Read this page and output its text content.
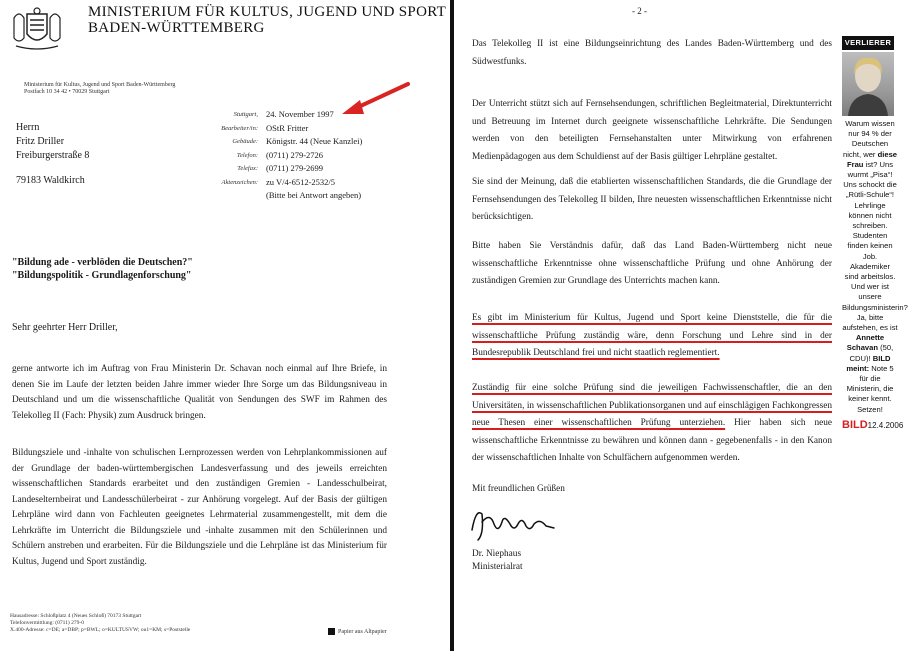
MINISTERIUM FÜR KULTUS, JUGEND UND SPORT
BADEN-WÜRTTEMBERG
Ministerium für Kultus, Jugend und Sport Baden-Württemberg
Postfach 10 34 42 • 70029 Stuttgart
Herrn
Fritz Driller
Freiburgerstraße 8
79183 Waldkirch
Stuttgart,	24. November 1997
Bearbeiter/in:	OStR Fritter
Gebäude:	Königstr. 44 (Neue Kanzlei)
Telefon:	(0711) 279-2726
Telefax:	(0711) 279-2699
Aktenzeichen:	zu V/4-6512-2532/5
	(Bitte bei Antwort angeben)
"Bildung ade - verblöden die Deutschen?"
"Bildungspolitik - Grundlagenforschung"
Sehr geehrter Herr Driller,
gerne antworte ich im Auftrag von Frau Ministerin Dr. Schavan noch einmal auf Ihre Briefe, in denen Sie im Laufe der letzten beiden Jahre immer wieder Ihre Sorge um das Bildungsniveau in Deutschland und um die wissenschaftliche Qualität von Sendungen des SWF im Rahmen des Telekolleg II (Fach: Physik) zum Ausdruck bringen.
Bildungsziele und -inhalte von schulischen Lernprozessen werden von Lehrplankommissionen auf der Grundlage der baden-württembergischen Landesverfassung und des jeweils erreichten wissenschaftlichen Standards erarbeitet und den zuständigen Gremien - Landesschulbeirat, Landeselternbeirat und Landesschülerbeirat - zur Anhörung vorgelegt. Auf der Basis der gültigen Lehrpläne wird dann von Fachleuten geeignetes Lehrmaterial zusammengestellt, mit dem die Lehrkräfte im Unterricht die Bildungsziele und -inhalte zusammen mit den Schülerinnen und Schülern anstreben und erarbeiten. Für die Bildungsziele und die Lehrpläne ist das Ministerium für Kultus, Jugend und Sport zuständig.
Hausadresse: Schloßplatz 4 (Neues Schloß) 70173 Stuttgart
Telefonvermittlung: (0711) 279-0
X.400-Adresse: c=DE; a=DBP; p=BWL; o=KULTUSVW; ou1=KM; s=Poststelle	Papier aus Altpapier
- 2 -
Das Telekolleg II ist eine Bildungseinrichtung des Landes Baden-Württemberg und des Südwestfunks.
Der Unterricht stützt sich auf Fernsehsendungen, schriftlichen Begleitmaterial, Direktunterricht und Betreuung im Internet durch geeignete wissenschaftliche Lehrkräfte. Die Sendungen werden von den beteiligten Fernsehanstalten unter Mitwirkung von erfahrenen Medienpädagogen aus dem Schuldienst auf der Basis gültiger Lehrpläne gestaltet.
Sie sind der Meinung, daß die etablierten wissenschaftlichen Standards, die die Grundlage der Fernsehsendungen des Telekolleg II bilden, Ihre neuesten wissenschaftlichen Erkenntnisse nicht berücksichtigen.
Bitte haben Sie Verständnis dafür, daß das Land Baden-Württemberg nicht neue wissenschaftliche Erkenntnisse ohne wissenschaftliche Prüfung und ohne Anhörung der zuständigen Gremien zur Grundlage des Unterrichts machen kann.
Es gibt im Ministerium für Kultus, Jugend und Sport keine Dienststelle, die für die wissenschaftliche Prüfung zuständig wäre, denn Forschung und Lehre sind in der Bundesrepublik Deutschland frei und nicht staatlich reglementiert.
Zuständig für eine solche Prüfung sind die jeweiligen Fachwissenschaftler, die an den Universitäten, in wissenschaftlichen Publikationsorganen und auf einschlägigen Fachkongressen neue Thesen einer wissenschaftlichen Prüfung unterziehen. Hier haben sich neue wissenschaftliche Erkenntnisse zu bewähren und können dann - gegebenenfalls - in den Kanon der wissenschaftlichen Inhalte von Schulfächern aufgenommen werden.
Mit freundlichen Grüßen
Dr. Niephaus
Ministerialrat
VERLIERER
Warum wissen nur 94 % der Deutschen nicht, wer diese Frau ist? Uns wurmt „Pisa“! Uns schockt die „Rütli-Schule“! Lehrlinge können nicht schreiben. Studenten finden keinen Job. Akademiker sind arbeitslos. Und wer ist unsere Bildungsministerin? Ja, bitte aufstehen, es ist Annette Schavan (50, CDU)! BILD meint: Note 5 für die Ministerin, die keiner kennt. Setzen!
BILD12.4.2006
